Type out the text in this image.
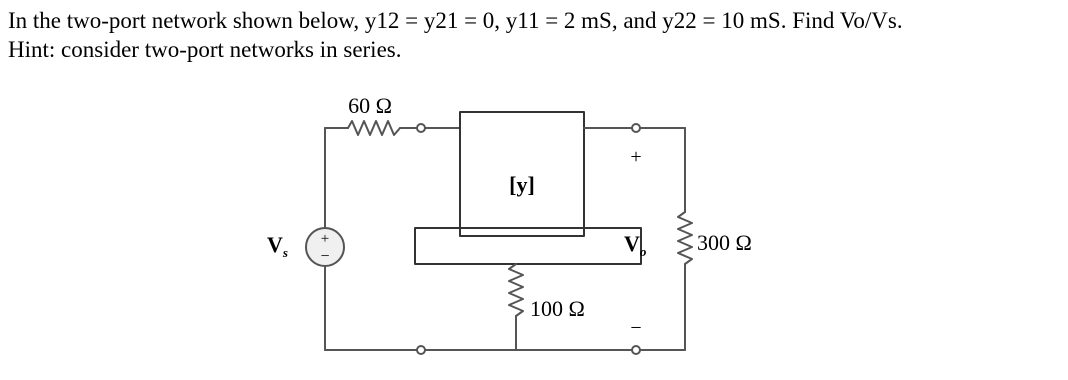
In the two-port network shown below, y12 = y21 = 0, y11 = 2 mS, and y22 = 10 mS. Find Vo/Vs.
Hint: consider two-port networks in series.
+
−
60 Ω
[y]
100 Ω
300 Ω
$V_s$
+
$V_o$
−
